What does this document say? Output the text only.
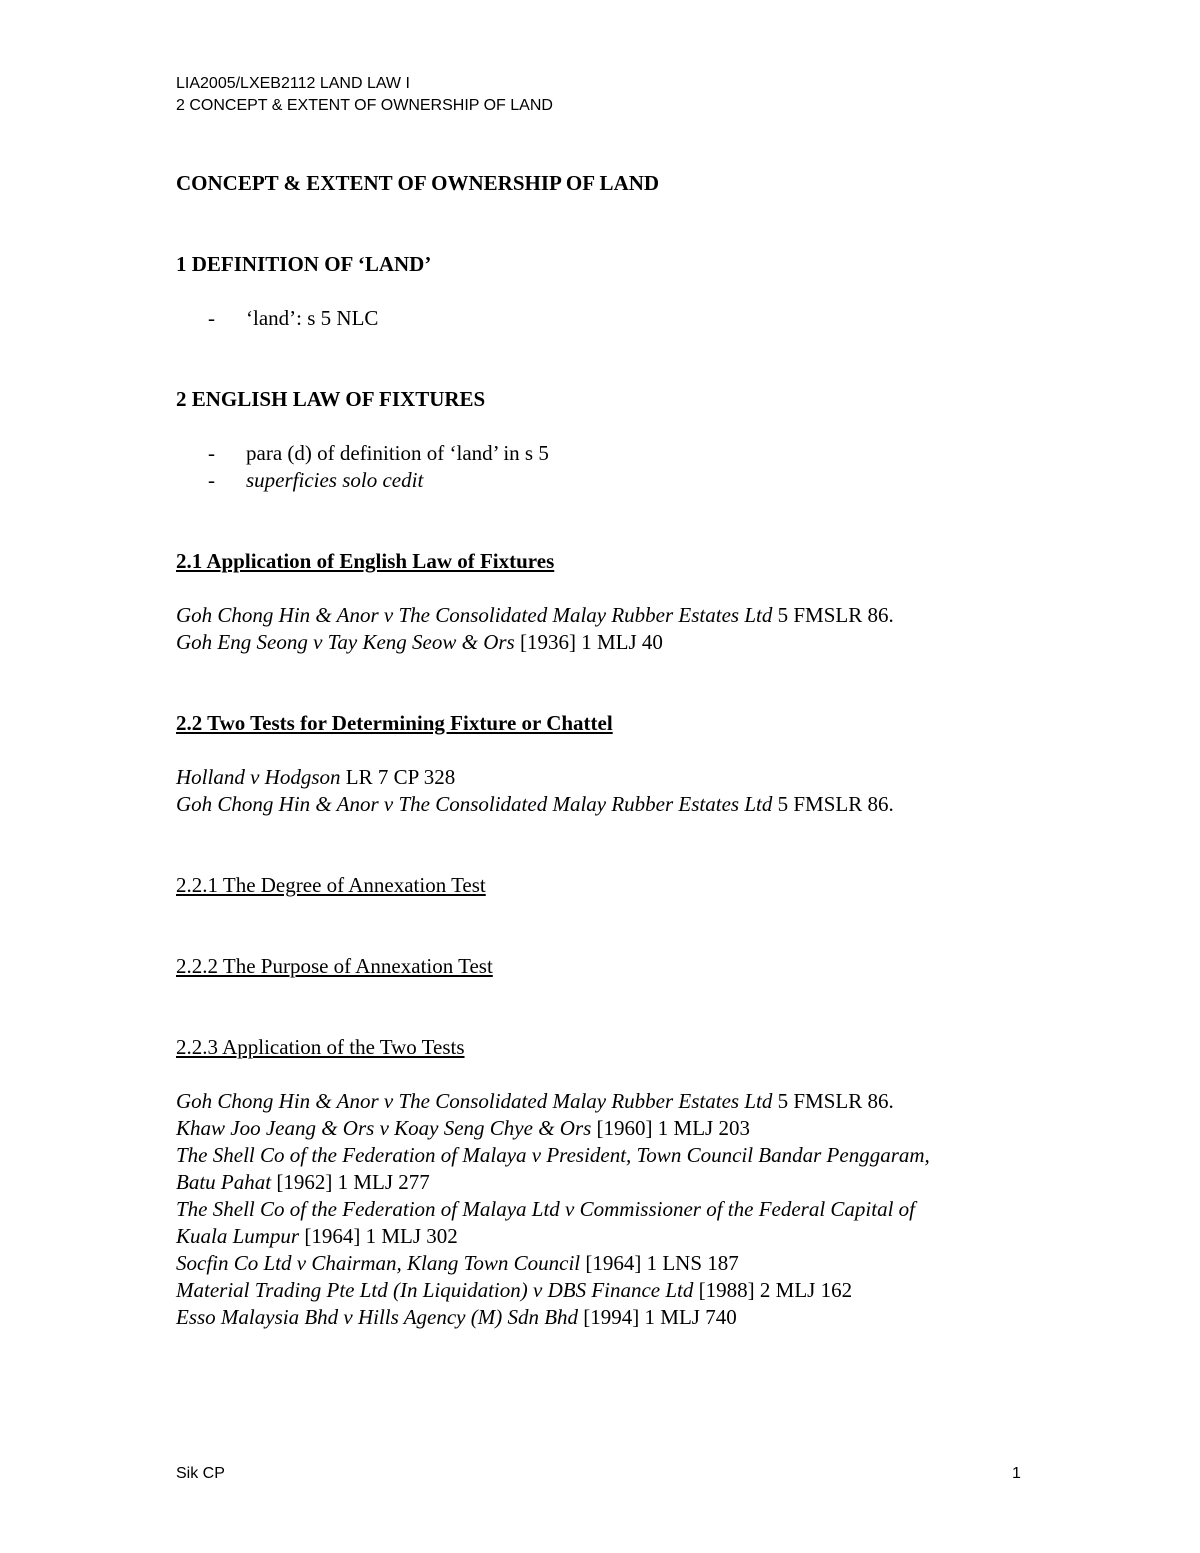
LIA2005/LXEB2112 LAND LAW I
2 CONCEPT & EXTENT OF OWNERSHIP OF LAND
CONCEPT & EXTENT OF OWNERSHIP OF LAND
1 DEFINITION OF ‘LAND’
- ‘land’: s 5 NLC
2 ENGLISH LAW OF FIXTURES
- para (d) of definition of ‘land’ in s 5
- superficies solo cedit
2.1 Application of English Law of Fixtures
Goh Chong Hin & Anor v The Consolidated Malay Rubber Estates Ltd 5 FMSLR 86.
Goh Eng Seong v Tay Keng Seow & Ors [1936] 1 MLJ 40
2.2 Two Tests for Determining Fixture or Chattel
Holland v Hodgson LR 7 CP 328
Goh Chong Hin & Anor v The Consolidated Malay Rubber Estates Ltd 5 FMSLR 86.
2.2.1 The Degree of Annexation Test
2.2.2 The Purpose of Annexation Test
2.2.3 Application of the Two Tests
Goh Chong Hin & Anor v The Consolidated Malay Rubber Estates Ltd 5 FMSLR 86.
Khaw Joo Jeang & Ors v Koay Seng Chye & Ors [1960] 1 MLJ 203
The Shell Co of the Federation of Malaya v President, Town Council Bandar Penggaram,
Batu Pahat [1962] 1 MLJ 277
The Shell Co of the Federation of Malaya Ltd v Commissioner of the Federal Capital of
Kuala Lumpur [1964] 1 MLJ 302
Socfin Co Ltd v Chairman, Klang Town Council [1964] 1 LNS 187
Material Trading Pte Ltd (In Liquidation) v DBS Finance Ltd [1988] 2 MLJ 162
Esso Malaysia Bhd v Hills Agency (M) Sdn Bhd [1994] 1 MLJ 740
Sik CP	1
